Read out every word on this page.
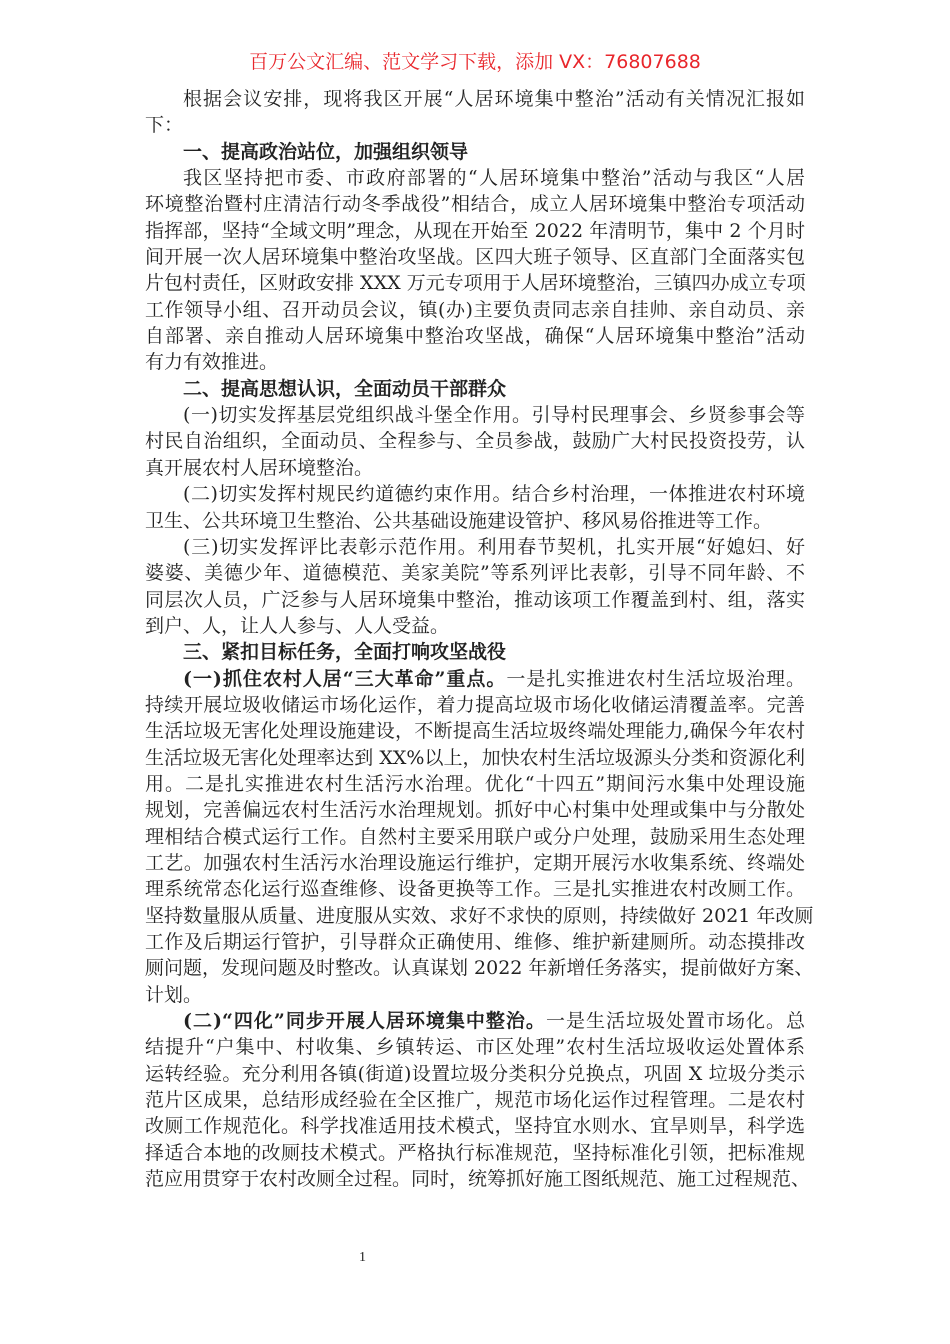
百万公文汇编、范文学习下载，添加 VX：76807688
根据会议安排，现将我区开展“人居环境集中整治”活动有关情况汇报如
下：
一、提高政治站位，加强组织领导
我区坚持把市委、市政府部署的“人居环境集中整治”活动与我区“人居
环境整治暨村庄清洁行动冬季战役”相结合，成立人居环境集中整治专项活动
指挥部，坚持“全域文明”理念，从现在开始至 2022 年清明节，集中 2 个月时
间开展一次人居环境集中整治攻坚战。区四大班子领导、区直部门全面落实包
片包村责任，区财政安排 XXX 万元专项用于人居环境整治，三镇四办成立专项
工作领导小组、召开动员会议，镇(办)主要负责同志亲自挂帅、亲自动员、亲
自部署、亲自推动人居环境集中整治攻坚战，确保“人居环境集中整治”活动
有力有效推进。
二、提高思想认识，全面动员干部群众
(一)切实发挥基层党组织战斗堡全作用。引导村民理事会、乡贤参事会等
村民自治组织，全面动员、全程参与、全员参战，鼓励广大村民投资投劳，认
真开展农村人居环境整治。
(二)切实发挥村规民约道德约束作用。结合乡村治理，一体推进农村环境
卫生、公共环境卫生整治、公共基础设施建设管护、移风易俗推进等工作。
(三)切实发挥评比表彰示范作用。利用春节契机，扎实开展“好媳妇、好
婆婆、美德少年、道德模范、美家美院”等系列评比表彰，引导不同年龄、不
同层次人员，广泛参与人居环境集中整治，推动该项工作覆盖到村、组，落实
到户、人，让人人参与、人人受益。
三、紧扣目标任务，全面打响攻坚战役
(一)抓住农村人居“三大革命”重点。一是扎实推进农村生活垃圾治理。
持续开展垃圾收储运市场化运作，着力提高垃圾市场化收储运清覆盖率。完善
生活垃圾无害化处理设施建设，不断提高生活垃圾终端处理能力,确保今年农村
生活垃圾无害化处理率达到 XX%以上，加快农村生活垃圾源头分类和资源化利
用。二是扎实推进农村生活污水治理。优化“十四五”期间污水集中处理设施
规划，完善偏远农村生活污水治理规划。抓好中心村集中处理或集中与分散处
理相结合模式运行工作。自然村主要采用联户或分户处理，鼓励采用生态处理
工艺。加强农村生活污水治理设施运行维护，定期开展污水收集系统、终端处
理系统常态化运行巡查维修、设备更换等工作。三是扎实推进农村改厕工作。
坚持数量服从质量、进度服从实效、求好不求快的原则，持续做好 2021 年改厕
工作及后期运行管护，引导群众正确使用、维修、维护新建厕所。动态摸排改
厕问题，发现问题及时整改。认真谋划 2022 年新增任务落实，提前做好方案、
计划。
(二)“四化”同步开展人居环境集中整治。一是生活垃圾处置市场化。总
结提升“户集中、村收集、乡镇转运、市区处理”农村生活垃圾收运处置体系
运转经验。充分利用各镇(街道)设置垃圾分类积分兑换点，巩固 X 垃圾分类示
范片区成果，总结形成经验在全区推广，规范市场化运作过程管理。二是农村
改厕工作规范化。科学找准适用技术模式，坚持宜水则水、宜旱则旱，科学选
择适合本地的改厕技术模式。严格执行标准规范，坚持标准化引领，把标准规
范应用贯穿于农村改厕全过程。同时，统筹抓好施工图纸规范、施工过程规范、
1
